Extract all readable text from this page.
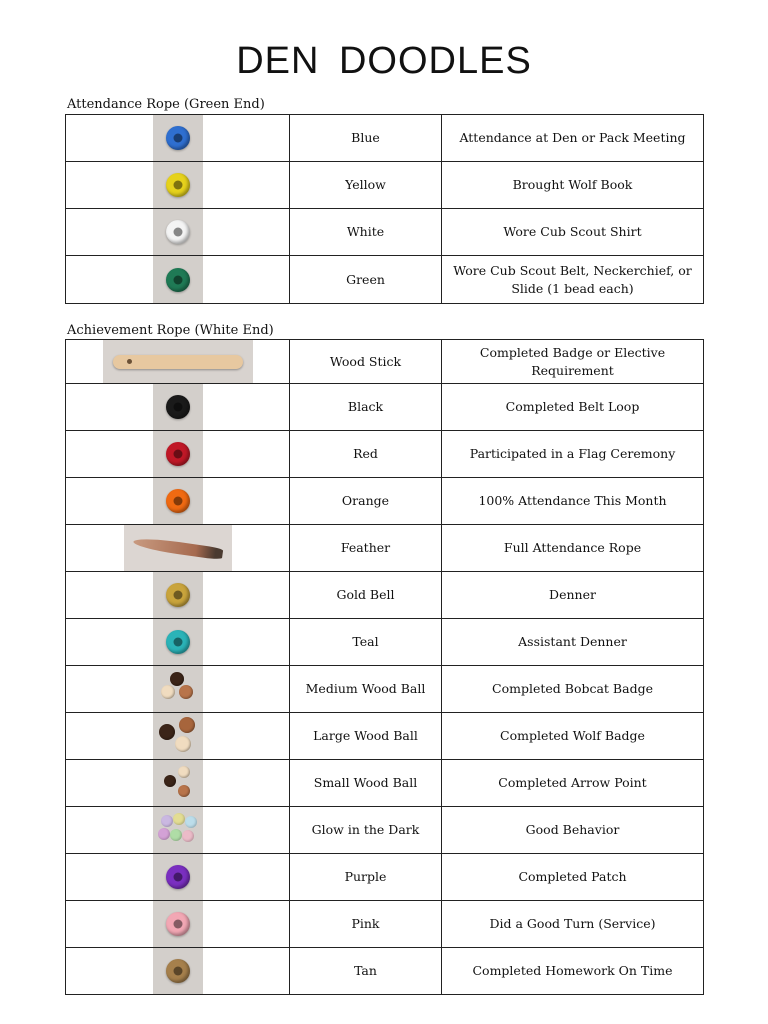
DEN DOODLES
Attendance Rope (Green End)
	Blue	Attendance at Den or Pack Meeting

	Yellow	Brought Wolf Book

	White	Wore Cub Scout Shirt

	Green	Wore Cub Scout Belt, Neckerchief, or Slide (1 bead each)
Achievement Rope (White End)
	Wood Stick	Completed Badge or Elective Requirement

	Black	Completed Belt Loop

	Red	Participated in a Flag Ceremony

	Orange	100% Attendance This Month

	Feather	Full Attendance Rope

	Gold Bell	Denner

	Teal	Assistant Denner

	Medium Wood Ball	Completed Bobcat Badge

	Large Wood Ball	Completed Wolf Badge

	Small Wood Ball	Completed Arrow Point

	Glow in the Dark	Good Behavior

	Purple	Completed Patch

	Pink	Did a Good Turn (Service)

	Tan	Completed Homework On Time
